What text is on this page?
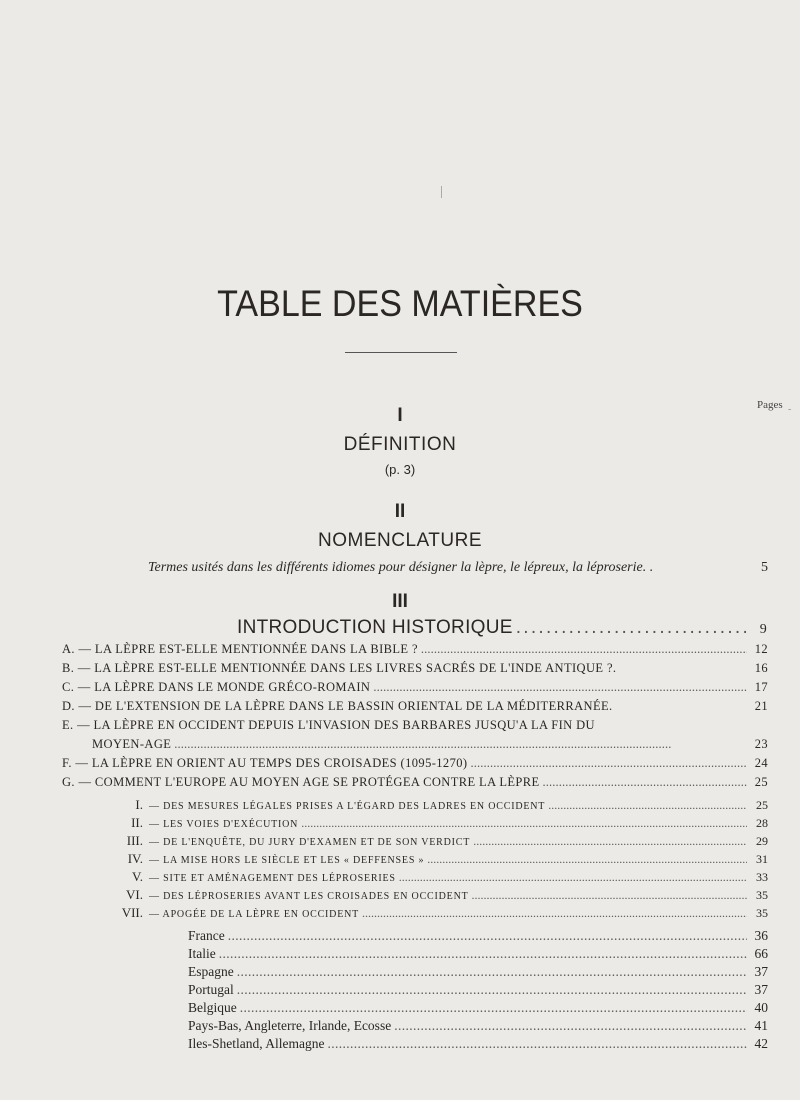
TABLE DES MATIÈRES
Pages -
I
DÉFINITION
(p. 3)
II
NOMENCLATURE
Termes usités dans les différents idiomes pour désigner la lèpre, le lépreux, la léproserie. .	5
III
INTRODUCTION HISTORIQUE . . .	9
A. — LA LÈPRE EST-ELLE MENTIONNÉE DANS LA BIBLE ? . . .	12
B. — LA LÈPRE EST-ELLE MENTIONNÉE DANS LES LIVRES SACRÉS DE L'INDE ANTIQUE ?.	16
C. — LA LÈPRE DANS LE MONDE GRÉCO-ROMAIN . . .	17
D. — DE L'EXTENSION DE LA LÈPRE DANS LE BASSIN ORIENTAL DE LA MÉDITERRANÉE.	21
E. — LA LÈPRE EN OCCIDENT DEPUIS L'INVASION DES BARBARES JUSQU'A LA FIN DU
MOYEN-AGE . . .	23
F. — LA LÈPRE EN ORIENT AU TEMPS DES CROISADES (1095-1270) . . .	24
G. — COMMENT L'EUROPE AU MOYEN AGE SE PROTÉGEA CONTRE LA LÈPRE . . .	25
I. — DES MESURES LÉGALES PRISES A L'ÉGARD DES LADRES EN OCCIDENT . . .	25
II. — LES VOIES D'EXÉCUTION . . .	28
III. — DE L'ENQUÊTE, DU JURY D'EXAMEN ET DE SON VERDICT . . .	29
IV. — LA MISE HORS LE SIÈCLE ET LES « DEFFENSES » . . .	31
V. — SITE ET AMÉNAGEMENT DES LÉPROSERIES . . .	33
VI. — DES LÉPROSERIES AVANT LES CROISADES EN OCCIDENT . . .	35
VII. — APOGÉE DE LA LÈPRE EN OCCIDENT . . .	35
France . . .	36
Italie . . .	66
Espagne . . .	37
Portugal . . .	37
Belgique . . .	40
Pays-Bas, Angleterre, Irlande, Ecosse . . .	41
Iles-Shetland, Allemagne . . .	42
